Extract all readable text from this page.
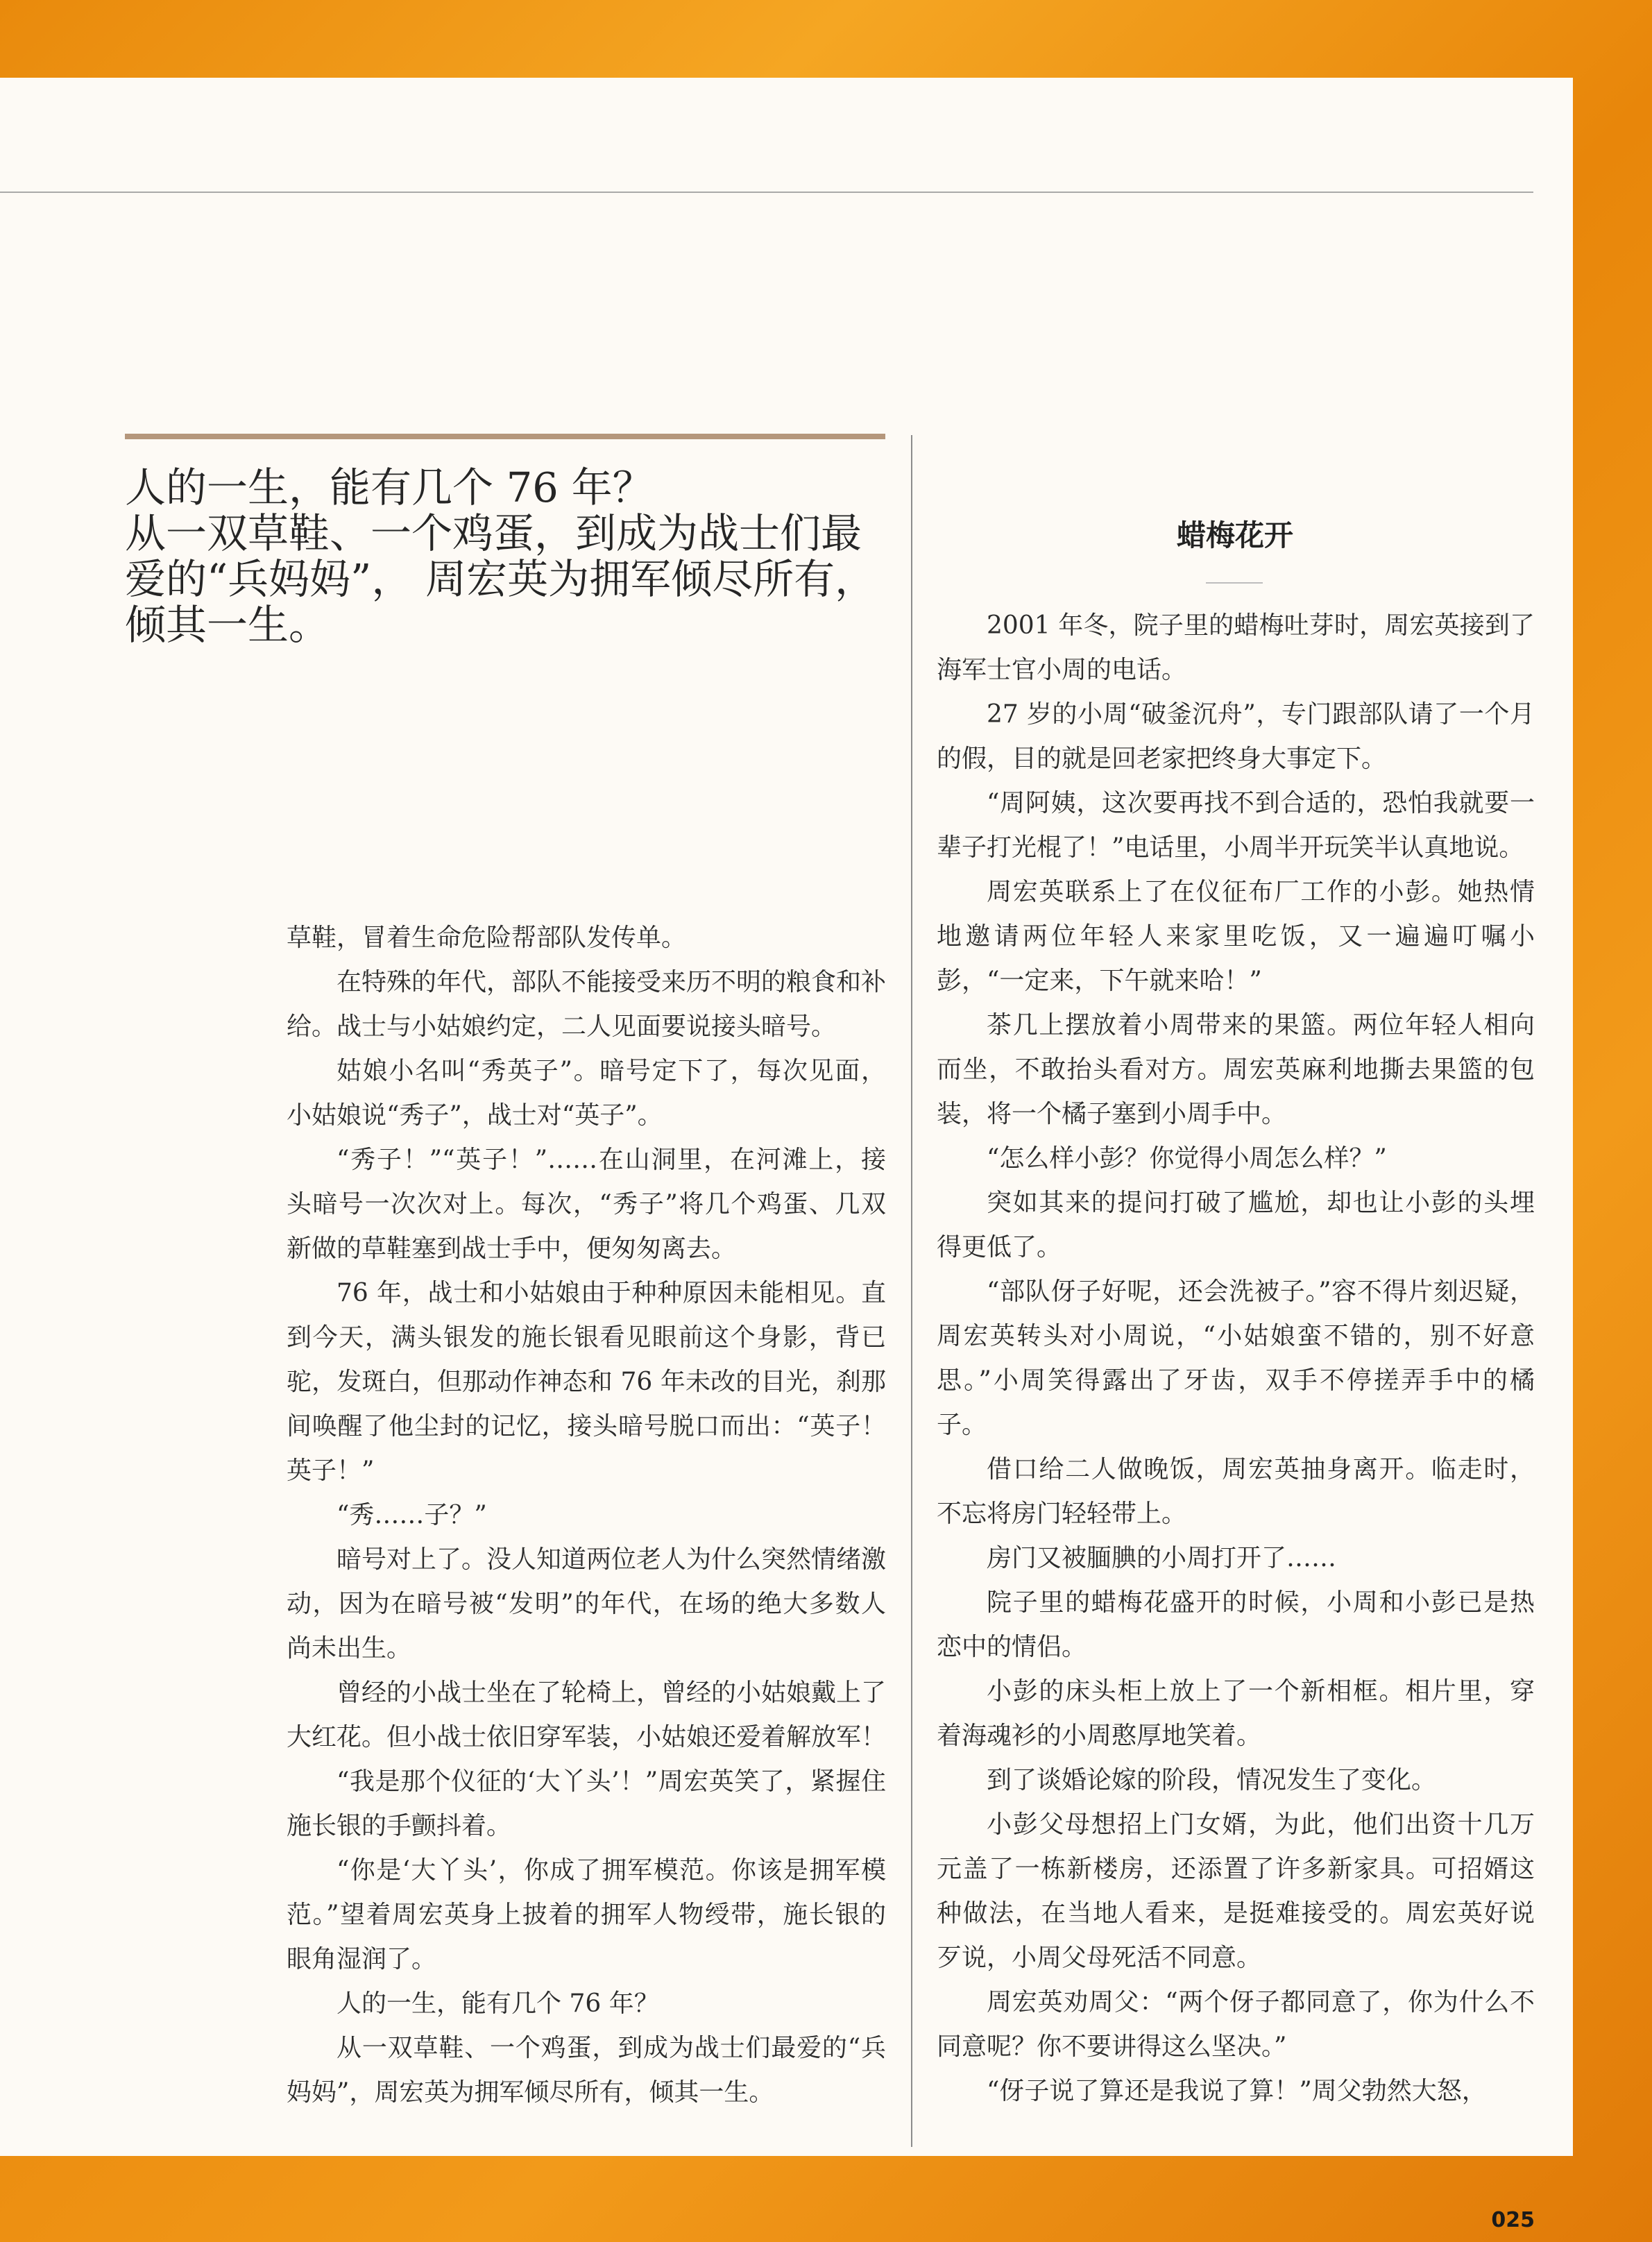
人的一生，能有几个 76 年？

从一双草鞋、一个鸡蛋，到成为战士们最爱的“兵妈妈”， 周宏英为拥军倾尽所有，倾其一生。

草鞋，冒着生命危险帮部队发传单。

在特殊的年代，部队不能接受来历不明的粮食和补给。战士与小姑娘约定，二人见面要说接头暗号。

姑娘小名叫“秀英子”。暗号定下了，每次见面，小姑娘说“秀子”，战士对“英子”。

“秀子！”“英子！”……在山洞里，在河滩上，接头暗号一次次对上。每次，“秀子”将几个鸡蛋、几双新做的草鞋塞到战士手中，便匆匆离去。

76 年，战士和小姑娘由于种种原因未能相见。直到今天，满头银发的施长银看见眼前这个身影，背已驼，发斑白，但那动作神态和 76 年未改的目光，刹那间唤醒了他尘封的记忆，接头暗号脱口而出：“英子！英子！”

“秀……子？”

暗号对上了。没人知道两位老人为什么突然情绪激动，因为在暗号被“发明”的年代，在场的绝大多数人尚未出生。

曾经的小战士坐在了轮椅上，曾经的小姑娘戴上了大红花。但小战士依旧穿军装，小姑娘还爱着解放军！

“我是那个仪征的‘大丫头’！”周宏英笑了，紧握住施长银的手颤抖着。

“你是‘大丫头’，你成了拥军模范。你该是拥军模范。”望着周宏英身上披着的拥军人物绶带，施长银的眼角湿润了。

人的一生，能有几个 76 年？

从一双草鞋、一个鸡蛋，到成为战士们最爱的“兵妈妈”，周宏英为拥军倾尽所有，倾其一生。

蜡梅花开

2001 年冬，院子里的蜡梅吐芽时，周宏英接到了海军士官小周的电话。

27 岁的小周“破釜沉舟”，专门跟部队请了一个月的假，目的就是回老家把终身大事定下。

“周阿姨，这次要再找不到合适的，恐怕我就要一辈子打光棍了！”电话里，小周半开玩笑半认真地说。

周宏英联系上了在仪征布厂工作的小彭。她热情地邀请两位年轻人来家里吃饭，又一遍遍叮嘱小彭，“一定来，下午就来哈！”

茶几上摆放着小周带来的果篮。两位年轻人相向而坐，不敢抬头看对方。周宏英麻利地撕去果篮的包装，将一个橘子塞到小周手中。

“怎么样小彭？你觉得小周怎么样？”

突如其来的提问打破了尴尬，却也让小彭的头埋得更低了。

“部队伢子好呢，还会洗被子。”容不得片刻迟疑，周宏英转头对小周说，“小姑娘蛮不错的，别不好意思。”小周笑得露出了牙齿，双手不停搓弄手中的橘子。

借口给二人做晚饭，周宏英抽身离开。临走时，不忘将房门轻轻带上。

房门又被腼腆的小周打开了……

院子里的蜡梅花盛开的时候，小周和小彭已是热恋中的情侣。

小彭的床头柜上放上了一个新相框。相片里，穿着海魂衫的小周憨厚地笑着。

到了谈婚论嫁的阶段，情况发生了变化。

小彭父母想招上门女婿，为此，他们出资十几万元盖了一栋新楼房，还添置了许多新家具。可招婿这种做法，在当地人看来，是挺难接受的。周宏英好说歹说，小周父母死活不同意。

周宏英劝周父：“两个伢子都同意了，你为什么不同意呢？你不要讲得这么坚决。”

“伢子说了算还是我说了算！”周父勃然大怒，

025
